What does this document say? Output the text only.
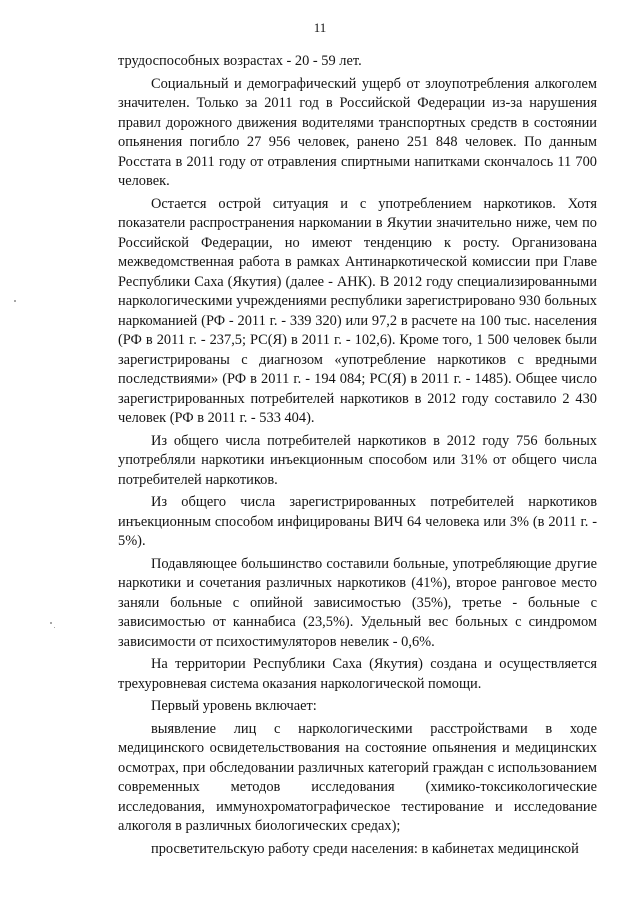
11

трудоспособных возрастах - 20 - 59 лет.

Социальный и демографический ущерб от злоупотребления алкоголем значителен. Только за 2011 год в Российской Федерации из-за нарушения правил дорожного движения водителями транспортных средств в состоянии опьянения погибло 27 956 человек, ранено 251 848 человек. По данным Росстата в 2011 году от отравления спиртными напитками скончалось 11 700 человек.

Остается острой ситуация и с употреблением наркотиков. Хотя показатели распространения наркомании в Якутии значительно ниже, чем по Российской Федерации, но имеют тенденцию к росту. Организована межведомственная работа в рамках Антинаркотической комиссии при Главе Республики Саха (Якутия) (далее - АНК). В 2012 году специализированными наркологическими учреждениями республики зарегистрировано 930 больных наркоманией (РФ - 2011 г. - 339 320) или 97,2 в расчете на 100 тыс. населения (РФ в 2011 г. - 237,5; РС(Я) в 2011 г. - 102,6). Кроме того, 1 500 человек были зарегистрированы с диагнозом «употребление наркотиков с вредными последствиями» (РФ в 2011 г. - 194 084; РС(Я) в 2011 г. - 1485). Общее число зарегистрированных потребителей наркотиков в 2012 году составило 2 430 человек (РФ в 2011 г. - 533 404).

Из общего числа потребителей наркотиков в 2012 году 756 больных употребляли наркотики инъекционным способом или 31% от общего числа потребителей наркотиков.

Из общего числа зарегистрированных потребителей наркотиков инъекционным способом инфицированы ВИЧ 64 человека или 3% (в 2011 г. - 5%).

Подавляющее большинство составили больные, употребляющие другие наркотики и сочетания различных наркотиков (41%), второе ранговое место заняли больные с опийной зависимостью (35%), третье - больные с зависимостью от каннабиса (23,5%). Удельный вес больных с синдромом зависимости от психостимуляторов невелик - 0,6%.

На территории Республики Саха (Якутия) создана и осуществляется трехуровневая система оказания наркологической помощи.

Первый уровень включает:

выявление лиц с наркологическими расстройствами в ходе медицинского освидетельствования на состояние опьянения и медицинских осмотрах, при обследовании различных категорий граждан с использованием современных методов исследования (химико-токсикологические исследования, иммунохроматографическое тестирование и исследование алкоголя в различных биологических средах);

просветительскую работу среди населения: в кабинетах медицинской
